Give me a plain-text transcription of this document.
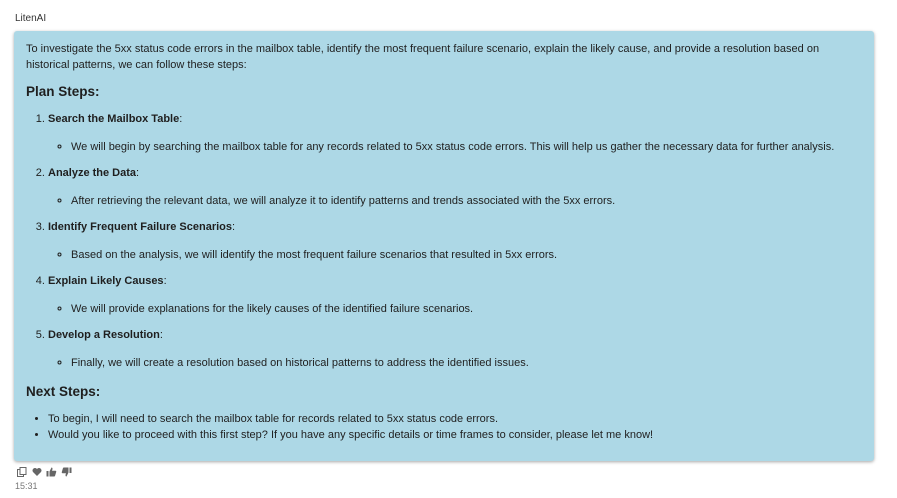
LitenAI

To investigate the 5xx status code errors in the mailbox table, identify the most frequent failure scenario, explain the likely cause, and provide a resolution based on historical patterns, we can follow these steps:

Plan Steps:
1. Search the Mailbox Table:
◦ We will begin by searching the mailbox table for any records related to 5xx status code errors. This will help us gather the necessary data for further analysis.
2. Analyze the Data:
◦ After retrieving the relevant data, we will analyze it to identify patterns and trends associated with the 5xx errors.
3. Identify Frequent Failure Scenarios:
◦ Based on the analysis, we will identify the most frequent failure scenarios that resulted in 5xx errors.
4. Explain Likely Causes:
◦ We will provide explanations for the likely causes of the identified failure scenarios.
5. Develop a Resolution:
◦ Finally, we will create a resolution based on historical patterns to address the identified issues.
Next Steps:
• To begin, I will need to search the mailbox table for records related to 5xx status code errors.
• Would you like to proceed with this first step? If you have any specific details or time frames to consider, please let me know!
15:31
